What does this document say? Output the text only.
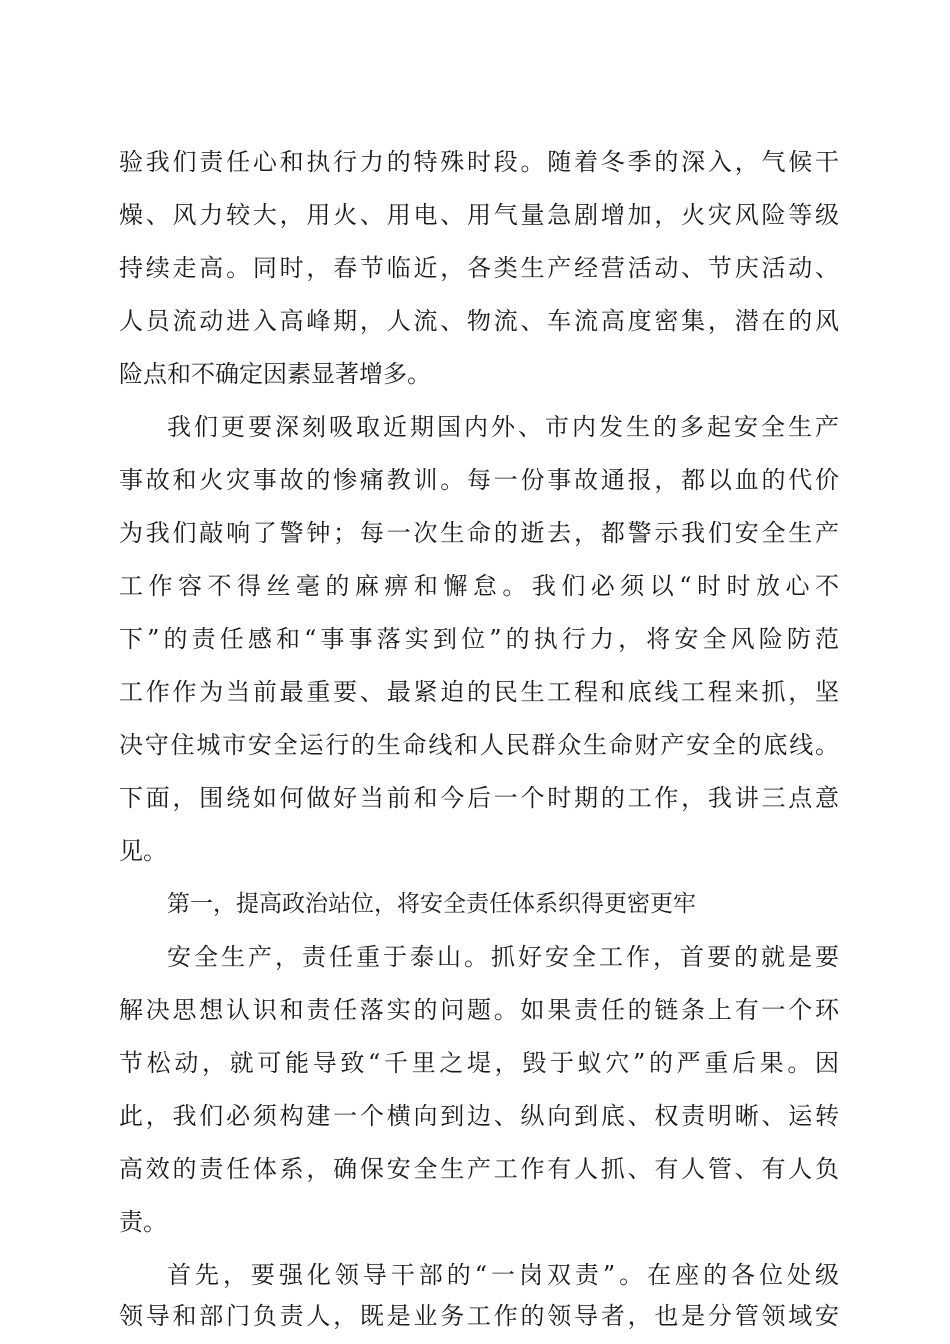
验我们责任心和执行力的特殊时段。随着冬季的深入，气候干
燥、风力较大，用火、用电、用气量急剧增加，火灾风险等级
持续走高。同时，春节临近，各类生产经营活动、节庆活动、
人员流动进入高峰期，人流、物流、车流高度密集，潜在的风
险点和不确定因素显著增多。
我们更要深刻吸取近期国内外、市内发生的多起安全生产
事故和火灾事故的惨痛教训。每一份事故通报，都以血的代价
为我们敲响了警钟；每一次生命的逝去，都警示我们安全生产
工作容不得丝毫的麻痹和懈怠。我们必须以“时时放心不
下”的责任感和“事事落实到位”的执行力，将安全风险防范
工作作为当前最重要、最紧迫的民生工程和底线工程来抓，坚
决守住城市安全运行的生命线和人民群众生命财产安全的底线。
下面，围绕如何做好当前和今后一个时期的工作，我讲三点意
见。
第一，提高政治站位，将安全责任体系织得更密更牢
安全生产，责任重于泰山。抓好安全工作，首要的就是要
解决思想认识和责任落实的问题。如果责任的链条上有一个环
节松动，就可能导致“千里之堤，毁于蚁穴”的严重后果。因
此，我们必须构建一个横向到边、纵向到底、权责明晰、运转
高效的责任体系，确保安全生产工作有人抓、有人管、有人负
责。
首先，要强化领导干部的“一岗双责”。在座的各位处级
领导和部门负责人，既是业务工作的领导者，也是分管领域安
